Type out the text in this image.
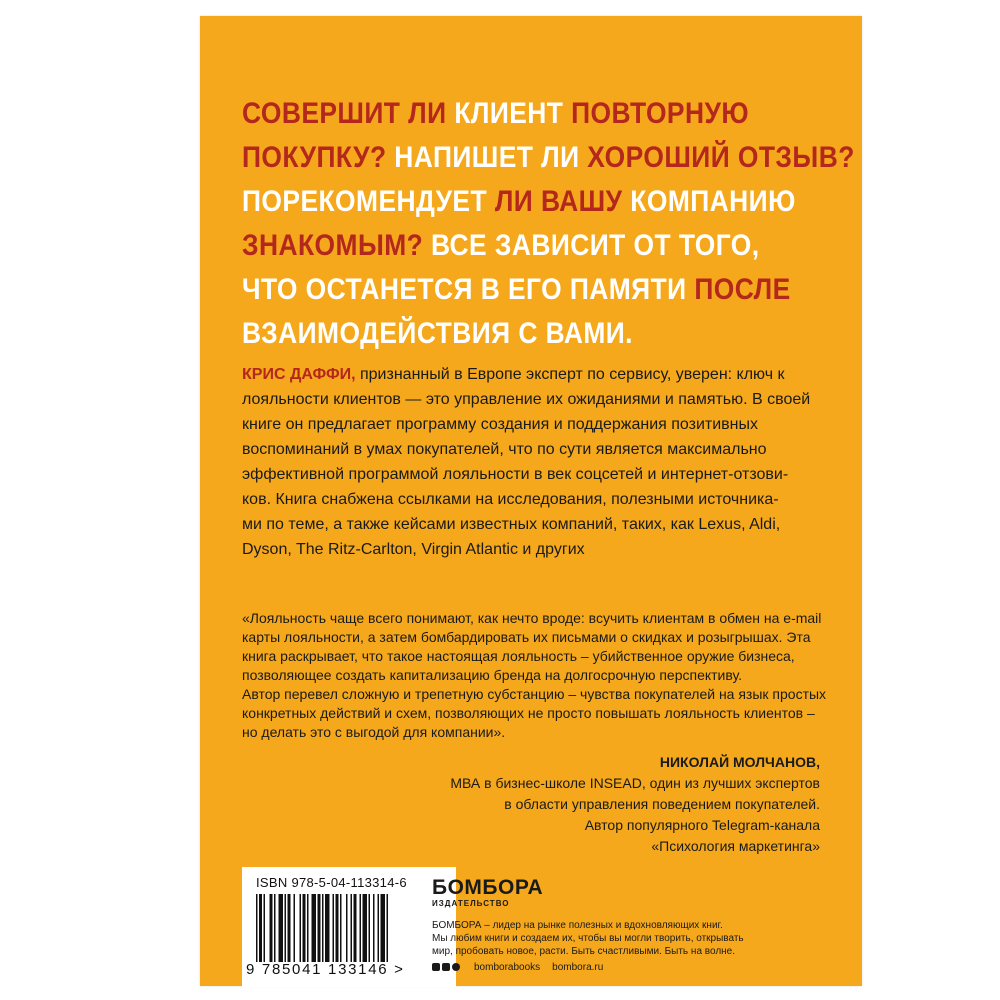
СОВЕРШИТ ЛИ КЛИЕНТ ПОВТОРНУЮ
ПОКУПКУ? НАПИШЕТ ЛИ ХОРОШИЙ ОТЗЫВ?
ПОРЕКОМЕНДУЕТ ЛИ ВАШУ КОМПАНИЮ
ЗНАКОМЫМ? ВСЕ ЗАВИСИТ ОТ ТОГО,
ЧТО ОСТАНЕТСЯ В ЕГО ПАМЯТИ ПОСЛЕ
ВЗАИМОДЕЙСТВИЯ С ВАМИ.
КРИС ДАФФИ, признанный в Европе эксперт по сервису, уверен: ключ к
лояльности клиентов — это управление их ожиданиями и памятью. В своей
книге он предлагает программу создания и поддержания позитивных
воспоминаний в умах покупателей, что по сути является максимально
эффективной программой лояльности в век соцсетей и интернет-отзови-
ков. Книга снабжена ссылками на исследования, полезными источника-
ми по теме, а также кейсами известных компаний, таких, как Lexus, Aldi,
Dyson, The Ritz-Carlton, Virgin Atlantic и других
«Лояльность чаще всего понимают, как нечто вроде: всучить клиентам в обмен на e-mail
карты лояльности, а затем бомбардировать их письмами о скидках и розыгрышах. Эта
книга раскрывает, что такое настоящая лояльность – убийственное оружие бизнеса,
позволяющее создать капитализацию бренда на долгосрочную перспективу.
Автор перевел сложную и трепетную субстанцию – чувства покупателей на язык простых
конкретных действий и схем, позволяющих не просто повышать лояльность клиентов –
но делать это с выгодой для компании».
НИКОЛАЙ МОЛЧАНОВ,
МВА в бизнес-школе INSEAD, один из лучших экспертов
в области управления поведением покупателей.
Автор популярного Telegram-канала
«Психология маркетинга»
ISBN 978-5-04-113314-6
9 785041 133146 >
БОМБОРА
ИЗДАТЕЛЬСТВО
БОМБОРА – лидер на рынке полезных и вдохновляющих книг.
Мы любим книги и создаем их, чтобы вы могли творить, открывать
мир, пробовать новое, расти. Быть счастливыми. Быть на волне.
bomborabooks bombora.ru
